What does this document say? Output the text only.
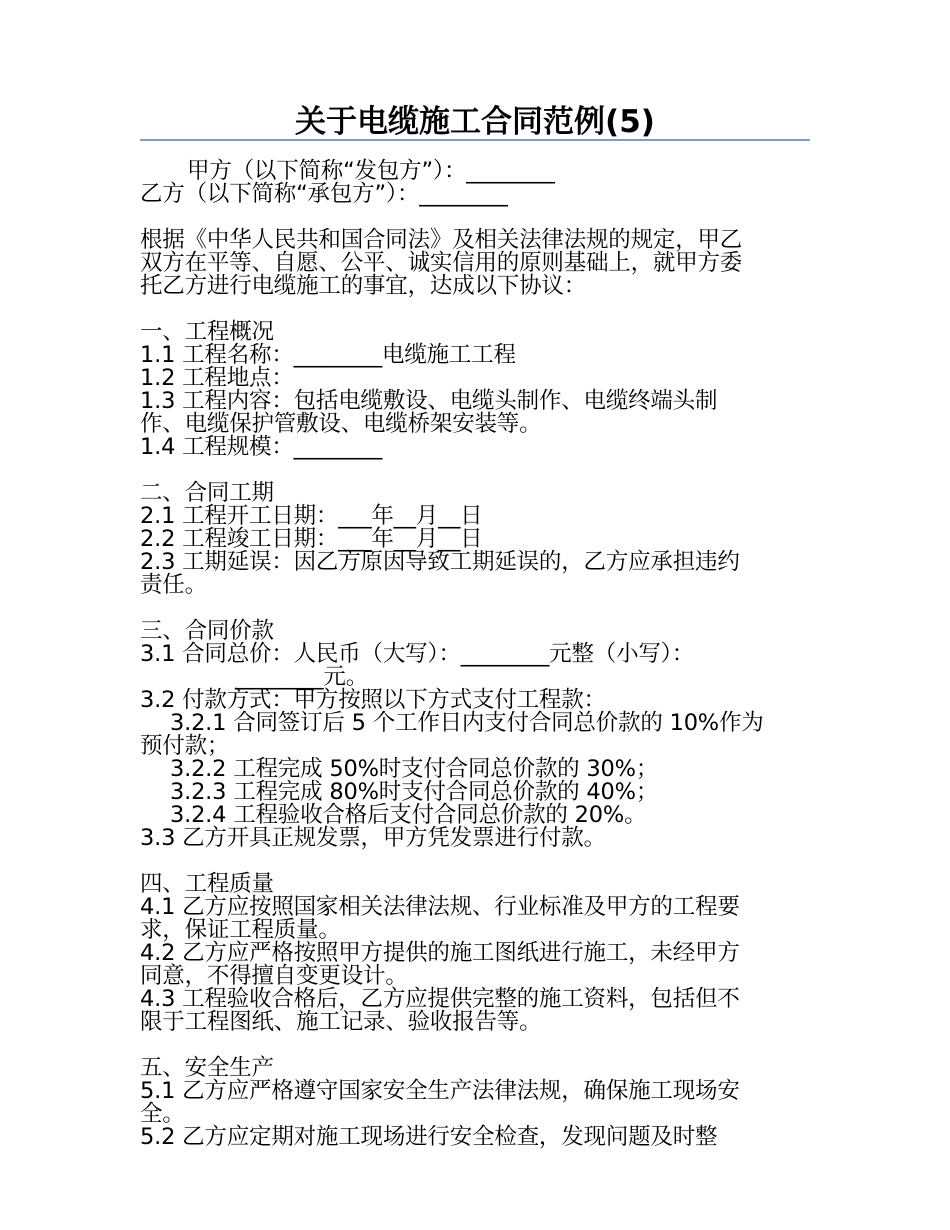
关于电缆施工合同范例(5)
甲方（以下简称“发包方”）：________
乙方（以下简称“承包方”）：________
根据《中华人民共和国合同法》及相关法律法规的规定，甲乙
双方在平等、自愿、公平、诚实信用的原则基础上，就甲方委
托乙方进行电缆施工的事宜，达成以下协议：
一、工程概况
1.1 工程名称：________电缆施工工程
1.2 工程地点：
1.3 工程内容：包括电缆敷设、电缆头制作、电缆终端头制
作、电缆保护管敷设、电缆桥架安装等。
1.4 工程规模：________
二、合同工期
2.1 工程开工日期：___年__月__日
2.2 工程竣工日期：___年__月__日
2.3 工期延误：因乙方原因导致工期延误的，乙方应承担违约
责任。
三、合同价款
3.1 合同总价：人民币（大写）：________元整（小写）：
________元。
3.2 付款方式：甲方按照以下方式支付工程款：
3.2.1 合同签订后 5 个工作日内支付合同总价款的 10%作为
预付款；
3.2.2 工程完成 50%时支付合同总价款的 30%；
3.2.3 工程完成 80%时支付合同总价款的 40%；
3.2.4 工程验收合格后支付合同总价款的 20%。
3.3 乙方开具正规发票，甲方凭发票进行付款。
四、工程质量
4.1 乙方应按照国家相关法律法规、行业标准及甲方的工程要
求，保证工程质量。
4.2 乙方应严格按照甲方提供的施工图纸进行施工，未经甲方
同意，不得擅自变更设计。
4.3 工程验收合格后，乙方应提供完整的施工资料，包括但不
限于工程图纸、施工记录、验收报告等。
五、安全生产
5.1 乙方应严格遵守国家安全生产法律法规，确保施工现场安
全。
5.2 乙方应定期对施工现场进行安全检查，发现问题及时整
